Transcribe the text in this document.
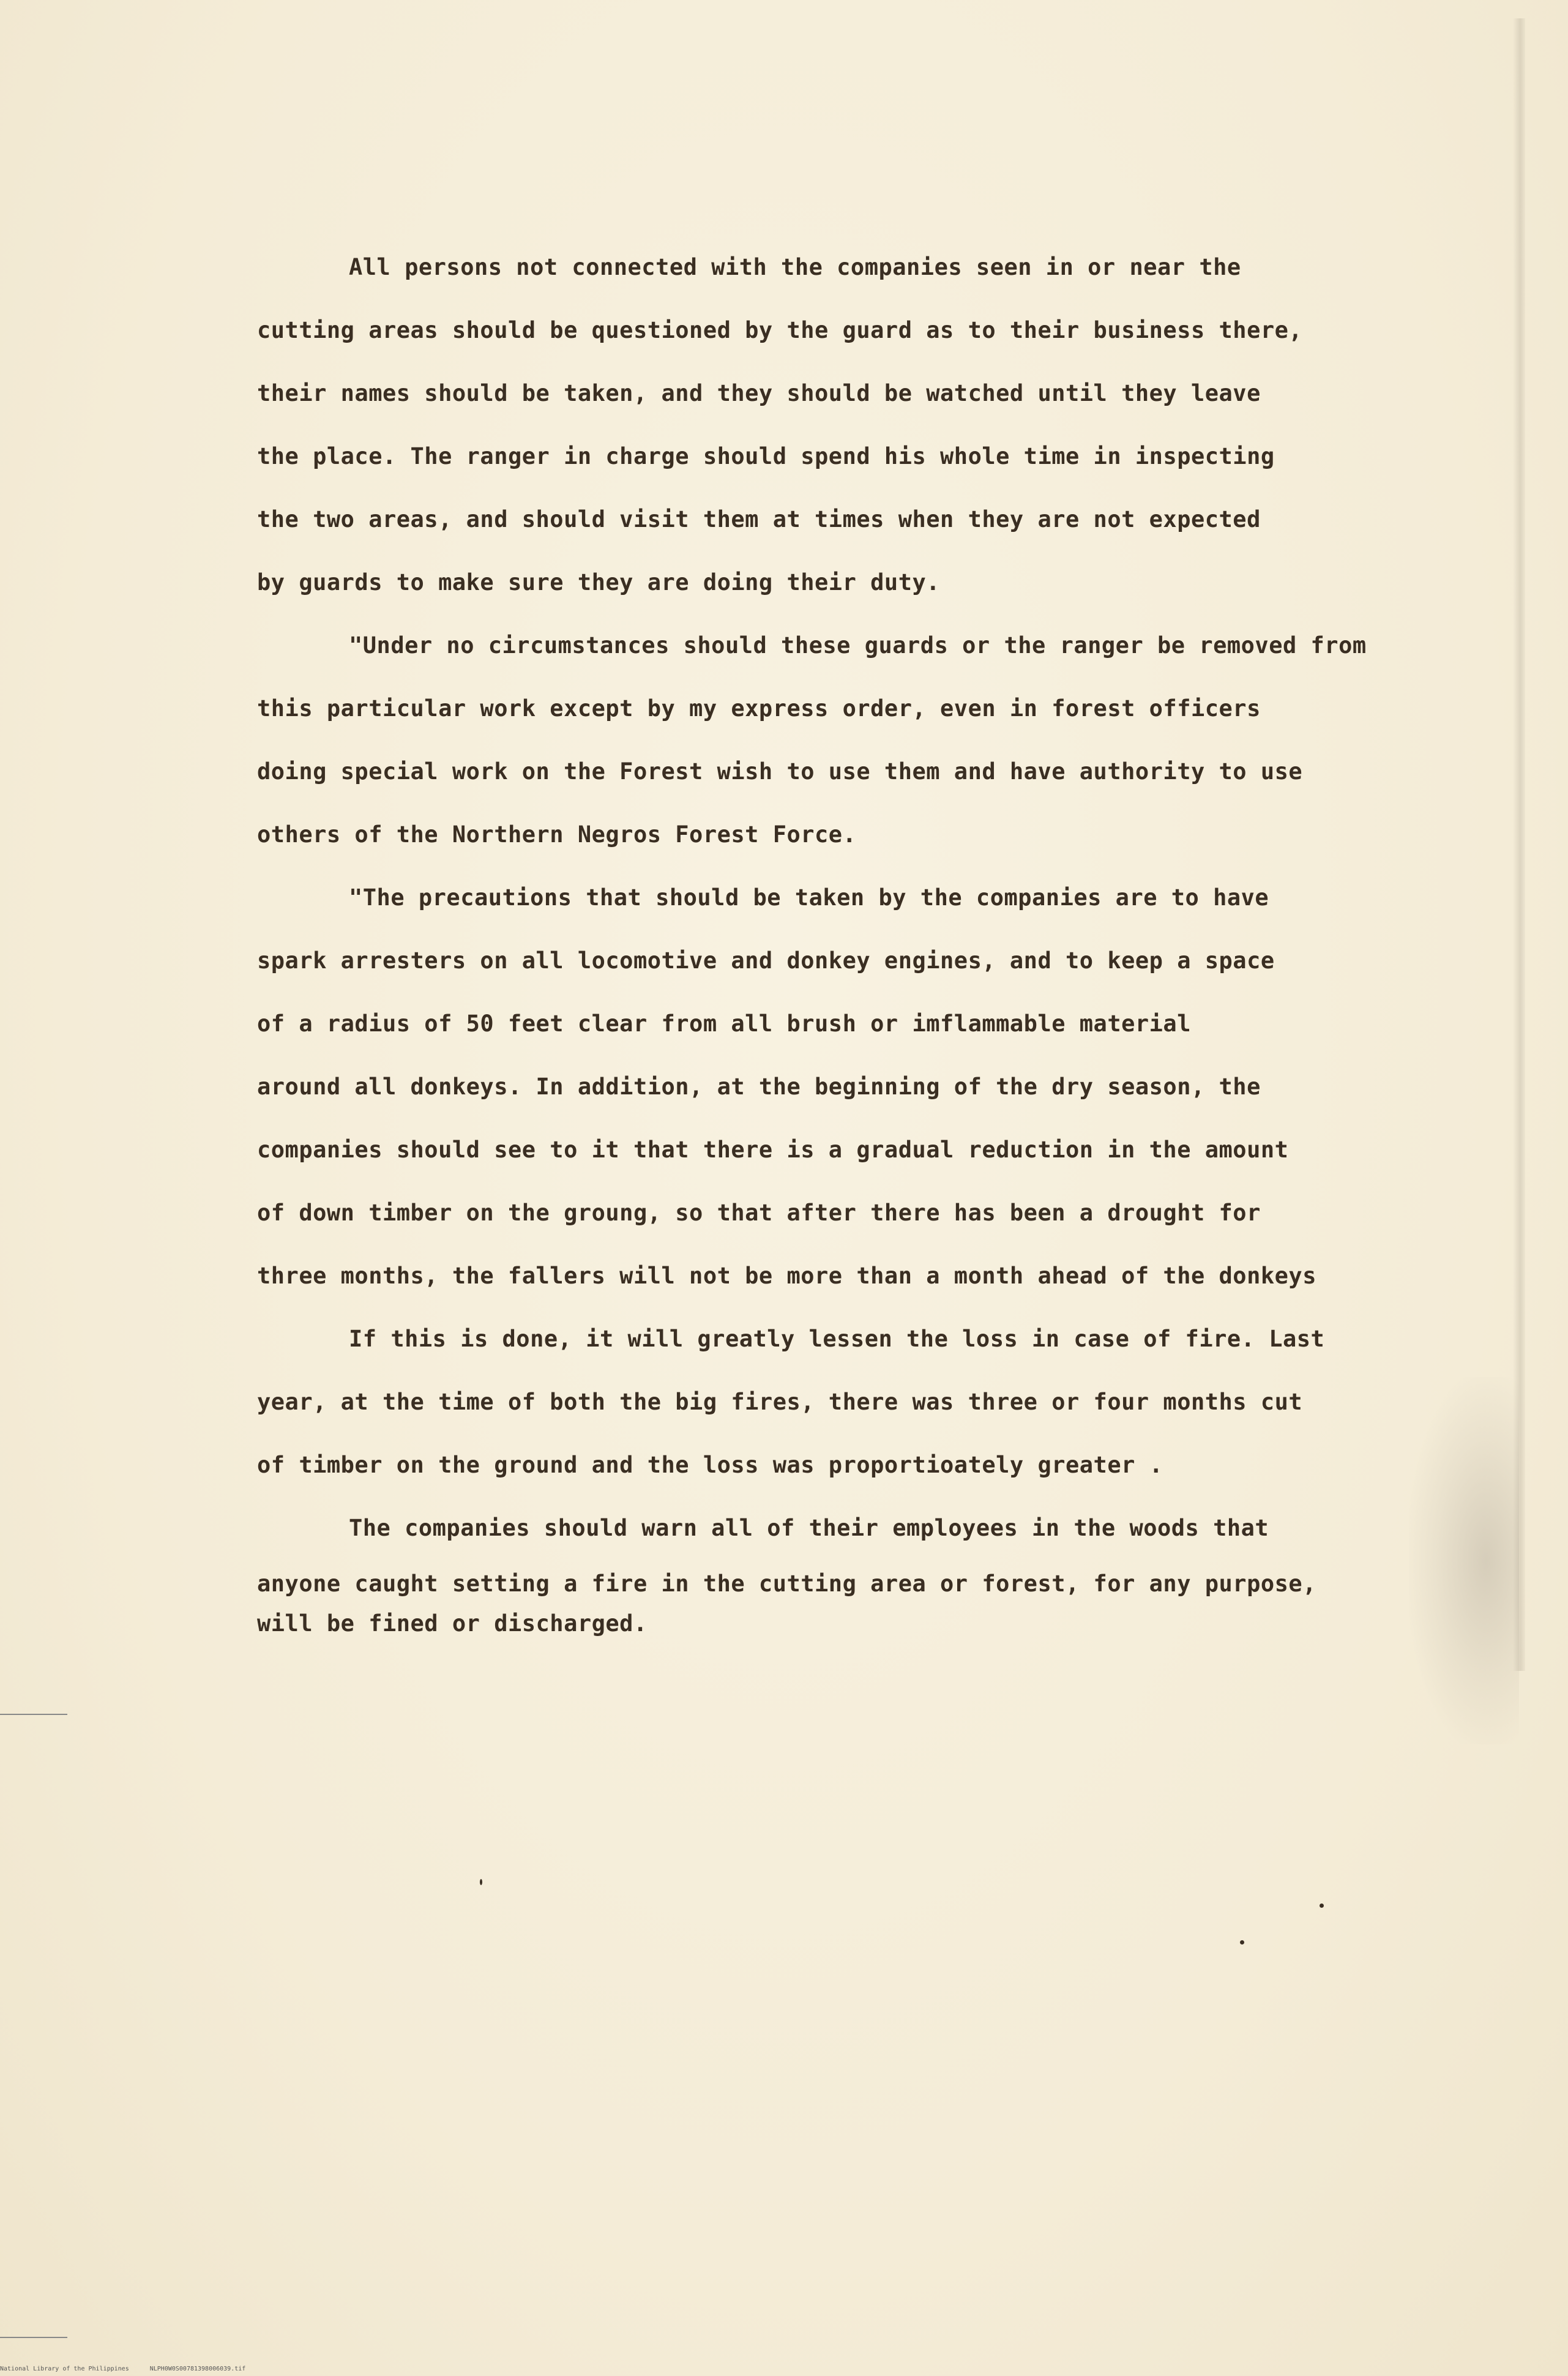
All persons not connected with the companies seen in or near the
cutting areas should be questioned by the guard as to their business there,
their names should be taken, and they should be watched until they leave
the place. The ranger in charge should spend his whole time in inspecting
the two areas, and should visit them at times when they are not expected
by guards to make sure they are doing their duty.

"Under no circumstances should these guards or the ranger be removed from
this particular work except by my express order, even in forest officers
doing special work on the Forest wish to use them and have authority to use
others of the Northern Negros Forest Force.

"The precautions that should be taken by the companies are to have
spark arresters on all locomotive and donkey engines, and to keep a space
of a radius of 50 feet clear from all brush or imflammable material
around all donkeys. In addition, at the beginning of the dry season, the
companies should see to it that there is a gradual reduction in the amount
of down timber on the groung, so that after there has been a drought for
three months, the fallers will not be more than a month ahead of the donkeys

If this is done, it will greatly lessen the loss in case of fire. Last
year, at the time of both the big fires, there was three or four months cut
of timber on the ground and the loss was proportioately greater .

The companies should warn all of their employees in the woods that
anyone caught setting a fire in the cutting area or forest, for any purpose,
will be fined or discharged.

National Library of the Philippines	NLPH0W0S00781398006039.tif
